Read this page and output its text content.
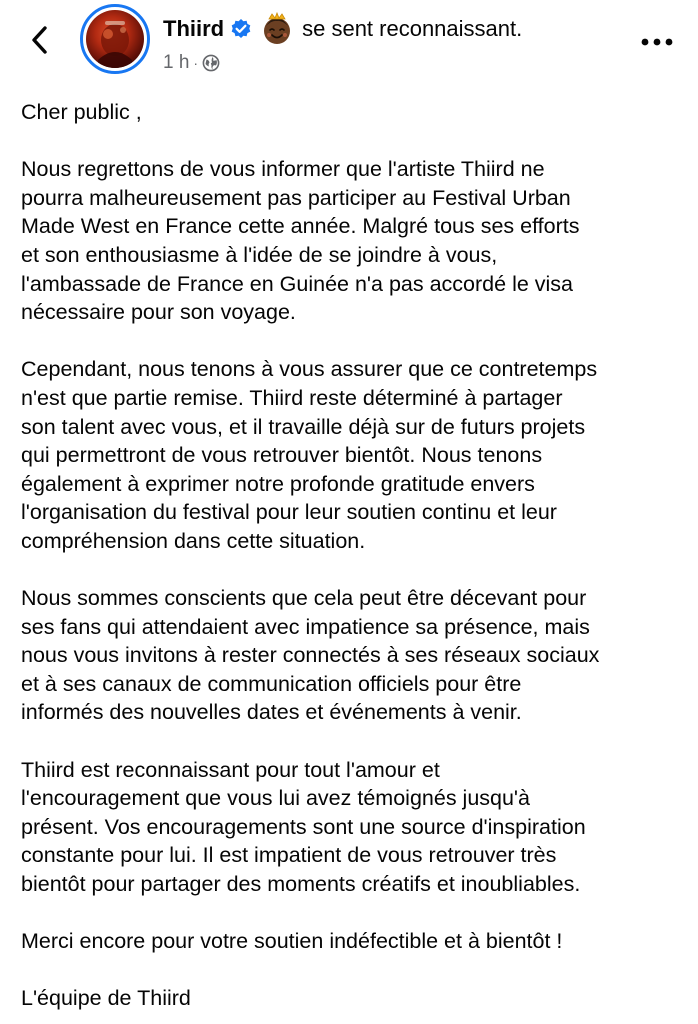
Thiird	se sent reconnaissant.
1 h ·

Cher public ,

Nous regrettons de vous informer que l'artiste Thiird ne

pourra malheureusement pas participer au Festival Urban

Made West en France cette année. Malgré tous ses efforts

et son enthousiasme à l'idée de se joindre à vous,

l'ambassade de France en Guinée n'a pas accordé le visa

nécessaire pour son voyage.

Cependant, nous tenons à vous assurer que ce contretemps

n'est que partie remise. Thiird reste déterminé à partager

son talent avec vous, et il travaille déjà sur de futurs projets

qui permettront de vous retrouver bientôt. Nous tenons

également à exprimer notre profonde gratitude envers

l'organisation du festival pour leur soutien continu et leur

compréhension dans cette situation.

Nous sommes conscients que cela peut être décevant pour

ses fans qui attendaient avec impatience sa présence, mais

nous vous invitons à rester connectés à ses réseaux sociaux

et à ses canaux de communication officiels pour être

informés des nouvelles dates et événements à venir.

Thiird est reconnaissant pour tout l'amour et

l'encouragement que vous lui avez témoignés jusqu'à

présent. Vos encouragements sont une source d'inspiration

constante pour lui. Il est impatient de vous retrouver très

bientôt pour partager des moments créatifs et inoubliables.

Merci encore pour votre soutien indéfectible et à bientôt !

L'équipe de Thiird
